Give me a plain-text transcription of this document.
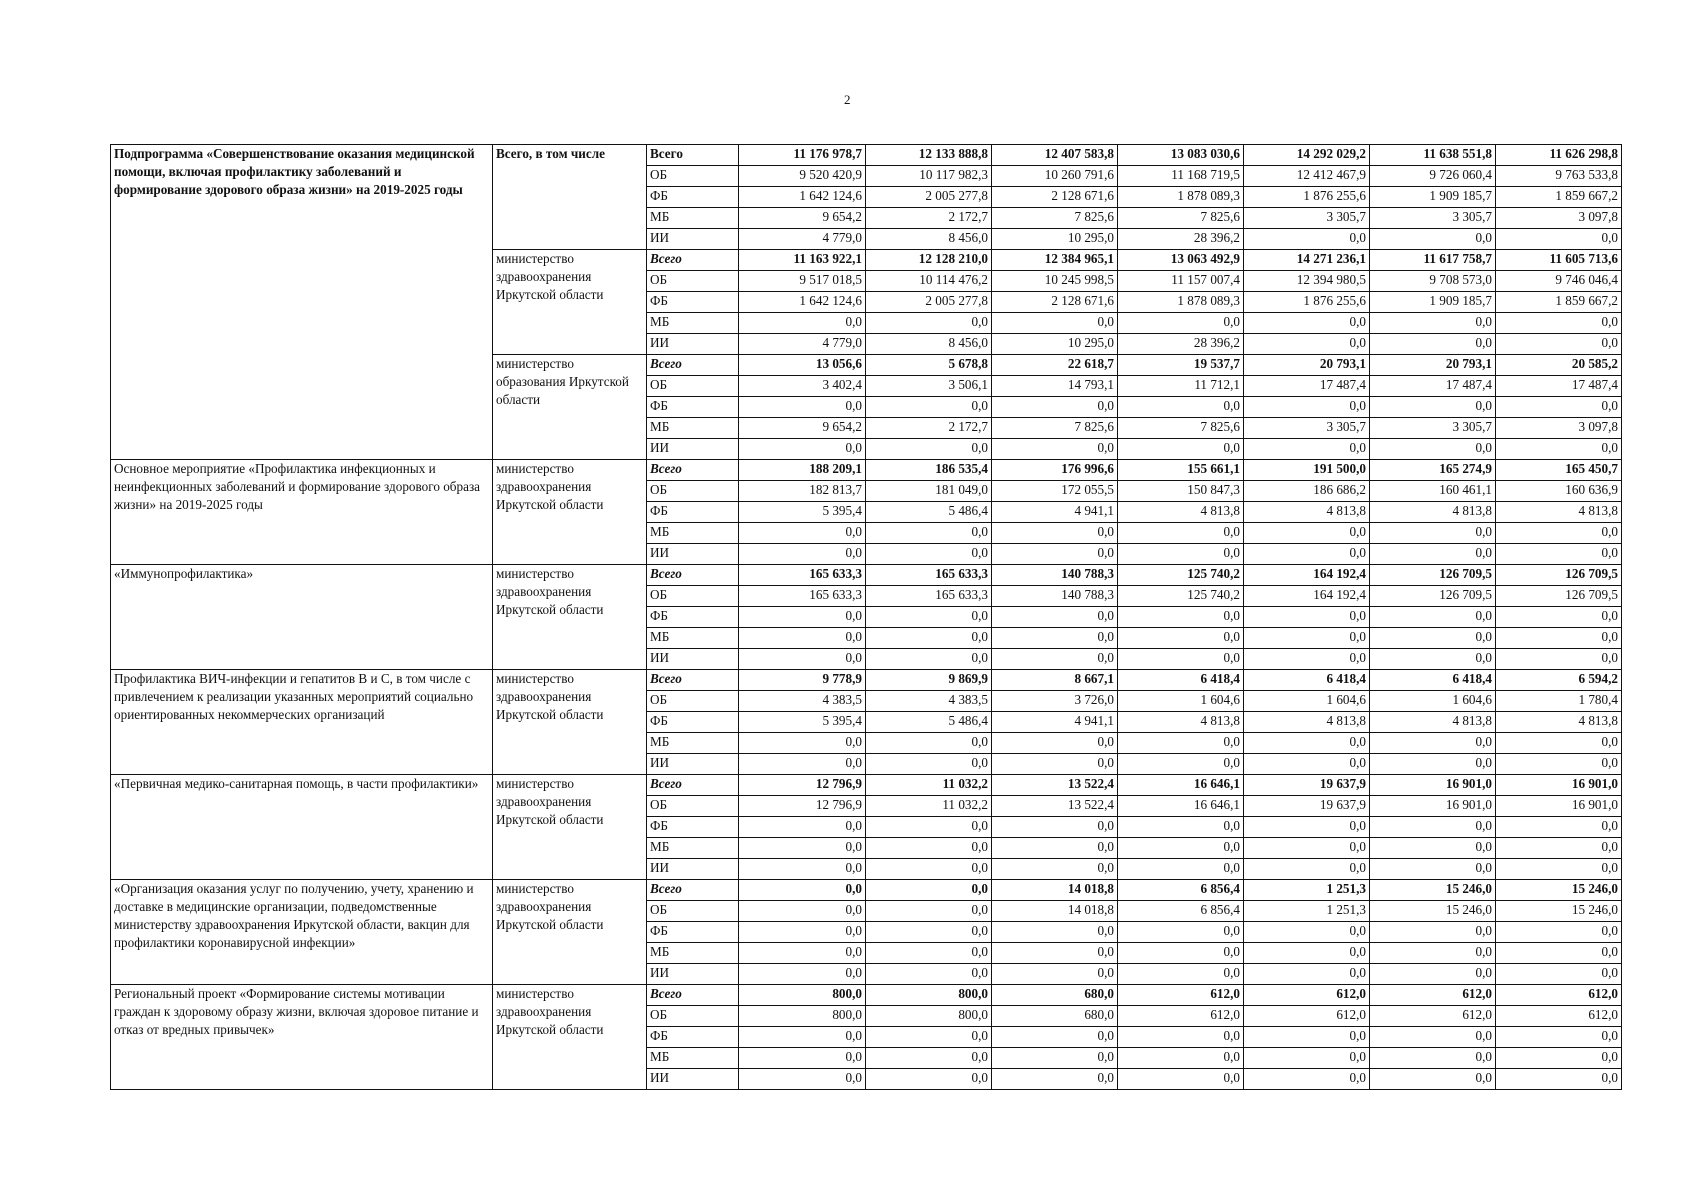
2
Подпрограмма «Совершенствование оказания медицинской помощи, включая профилактику заболеваний и формирование здорового образа жизни» на 2019-2025 годы	Всего, в том числе	Всего	11 176 978,7	12 133 888,8	12 407 583,8	13 083 030,6	14 292 029,2	11 638 551,8	11 626 298,8
		ОБ	9 520 420,9	10 117 982,3	10 260 791,6	11 168 719,5	12 412 467,9	9 726 060,4	9 763 533,8
		ФБ	1 642 124,6	2 005 277,8	2 128 671,6	1 878 089,3	1 876 255,6	1 909 185,7	1 859 667,2
		МБ	9 654,2	2 172,7	7 825,6	7 825,6	3 305,7	3 305,7	3 097,8
		ИИ	4 779,0	8 456,0	10 295,0	28 396,2	0,0	0,0	0,0
	министерство здравоохранения Иркутской области	Всего	11 163 922,1	12 128 210,0	12 384 965,1	13 063 492,9	14 271 236,1	11 617 758,7	11 605 713,6
		ОБ	9 517 018,5	10 114 476,2	10 245 998,5	11 157 007,4	12 394 980,5	9 708 573,0	9 746 046,4
		ФБ	1 642 124,6	2 005 277,8	2 128 671,6	1 878 089,3	1 876 255,6	1 909 185,7	1 859 667,2
		МБ	0,0	0,0	0,0	0,0	0,0	0,0	0,0
		ИИ	4 779,0	8 456,0	10 295,0	28 396,2	0,0	0,0	0,0
	министерство образования Иркутской области	Всего	13 056,6	5 678,8	22 618,7	19 537,7	20 793,1	20 793,1	20 585,2
		ОБ	3 402,4	3 506,1	14 793,1	11 712,1	17 487,4	17 487,4	17 487,4
		ФБ	0,0	0,0	0,0	0,0	0,0	0,0	0,0
		МБ	9 654,2	2 172,7	7 825,6	7 825,6	3 305,7	3 305,7	3 097,8
		ИИ	0,0	0,0	0,0	0,0	0,0	0,0	0,0
Основное мероприятие «Профилактика инфекционных и неинфекционных заболеваний и формирование здорового образа жизни» на 2019-2025 годы	министерство здравоохранения Иркутской области	Всего	188 209,1	186 535,4	176 996,6	155 661,1	191 500,0	165 274,9	165 450,7
		ОБ	182 813,7	181 049,0	172 055,5	150 847,3	186 686,2	160 461,1	160 636,9
		ФБ	5 395,4	5 486,4	4 941,1	4 813,8	4 813,8	4 813,8	4 813,8
		МБ	0,0	0,0	0,0	0,0	0,0	0,0	0,0
		ИИ	0,0	0,0	0,0	0,0	0,0	0,0	0,0
«Иммунопрофилактика»	министерство здравоохранения Иркутской области	Всего	165 633,3	165 633,3	140 788,3	125 740,2	164 192,4	126 709,5	126 709,5
		ОБ	165 633,3	165 633,3	140 788,3	125 740,2	164 192,4	126 709,5	126 709,5
		ФБ	0,0	0,0	0,0	0,0	0,0	0,0	0,0
		МБ	0,0	0,0	0,0	0,0	0,0	0,0	0,0
		ИИ	0,0	0,0	0,0	0,0	0,0	0,0	0,0
Профилактика ВИЧ-инфекции и гепатитов В и С, в том числе с привлечением к реализации указанных мероприятий социально ориентированных некоммерческих организаций	министерство здравоохранения Иркутской области	Всего	9 778,9	9 869,9	8 667,1	6 418,4	6 418,4	6 418,4	6 594,2
		ОБ	4 383,5	4 383,5	3 726,0	1 604,6	1 604,6	1 604,6	1 780,4
		ФБ	5 395,4	5 486,4	4 941,1	4 813,8	4 813,8	4 813,8	4 813,8
		МБ	0,0	0,0	0,0	0,0	0,0	0,0	0,0
		ИИ	0,0	0,0	0,0	0,0	0,0	0,0	0,0
«Первичная медико-санитарная помощь, в части профилактики»	министерство здравоохранения Иркутской области	Всего	12 796,9	11 032,2	13 522,4	16 646,1	19 637,9	16 901,0	16 901,0
		ОБ	12 796,9	11 032,2	13 522,4	16 646,1	19 637,9	16 901,0	16 901,0
		ФБ	0,0	0,0	0,0	0,0	0,0	0,0	0,0
		МБ	0,0	0,0	0,0	0,0	0,0	0,0	0,0
		ИИ	0,0	0,0	0,0	0,0	0,0	0,0	0,0
«Организация оказания услуг по получению, учету, хранению и доставке в медицинские организации, подведомственные министерству здравоохранения Иркутской области, вакцин для профилактики коронавирусной инфекции»	министерство здравоохранения Иркутской области	Всего	0,0	0,0	14 018,8	6 856,4	1 251,3	15 246,0	15 246,0
		ОБ	0,0	0,0	14 018,8	6 856,4	1 251,3	15 246,0	15 246,0
		ФБ	0,0	0,0	0,0	0,0	0,0	0,0	0,0
		МБ	0,0	0,0	0,0	0,0	0,0	0,0	0,0
		ИИ	0,0	0,0	0,0	0,0	0,0	0,0	0,0
Региональный проект «Формирование системы мотивации граждан к здоровому образу жизни, включая здоровое питание и отказ от вредных привычек»	министерство здравоохранения Иркутской области	Всего	800,0	800,0	680,0	612,0	612,0	612,0	612,0
		ОБ	800,0	800,0	680,0	612,0	612,0	612,0	612,0
		ФБ	0,0	0,0	0,0	0,0	0,0	0,0	0,0
		МБ	0,0	0,0	0,0	0,0	0,0	0,0	0,0
		ИИ	0,0	0,0	0,0	0,0	0,0	0,0	0,0
